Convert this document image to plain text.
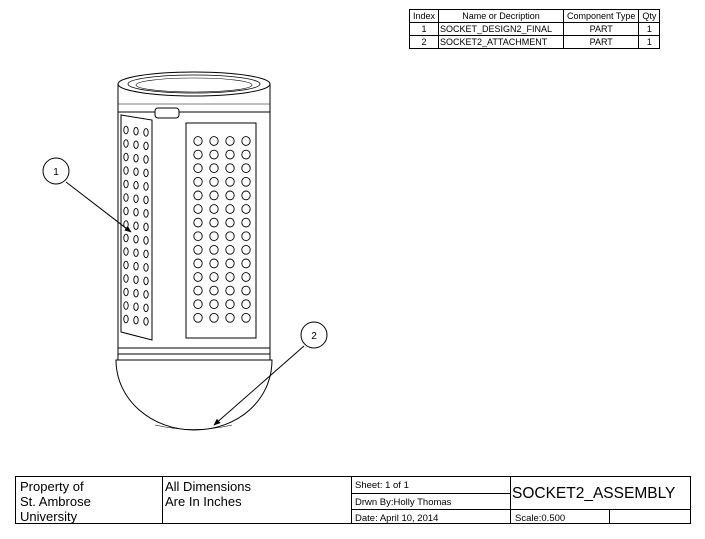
Index	Name or Decription	Component Type	Qty
1	SOCKET_DESIGN2_FINAL	PART	1
2	SOCKET2_ATTACHMENT	PART	1
1
2
Property of
St. Ambrose
University
All Dimensions
Are In Inches
Sheet: 1 of 1
Drwn By:Holly Thomas
Date: April 10, 2014
SOCKET2_ASSEMBLY
Scale:0.500
